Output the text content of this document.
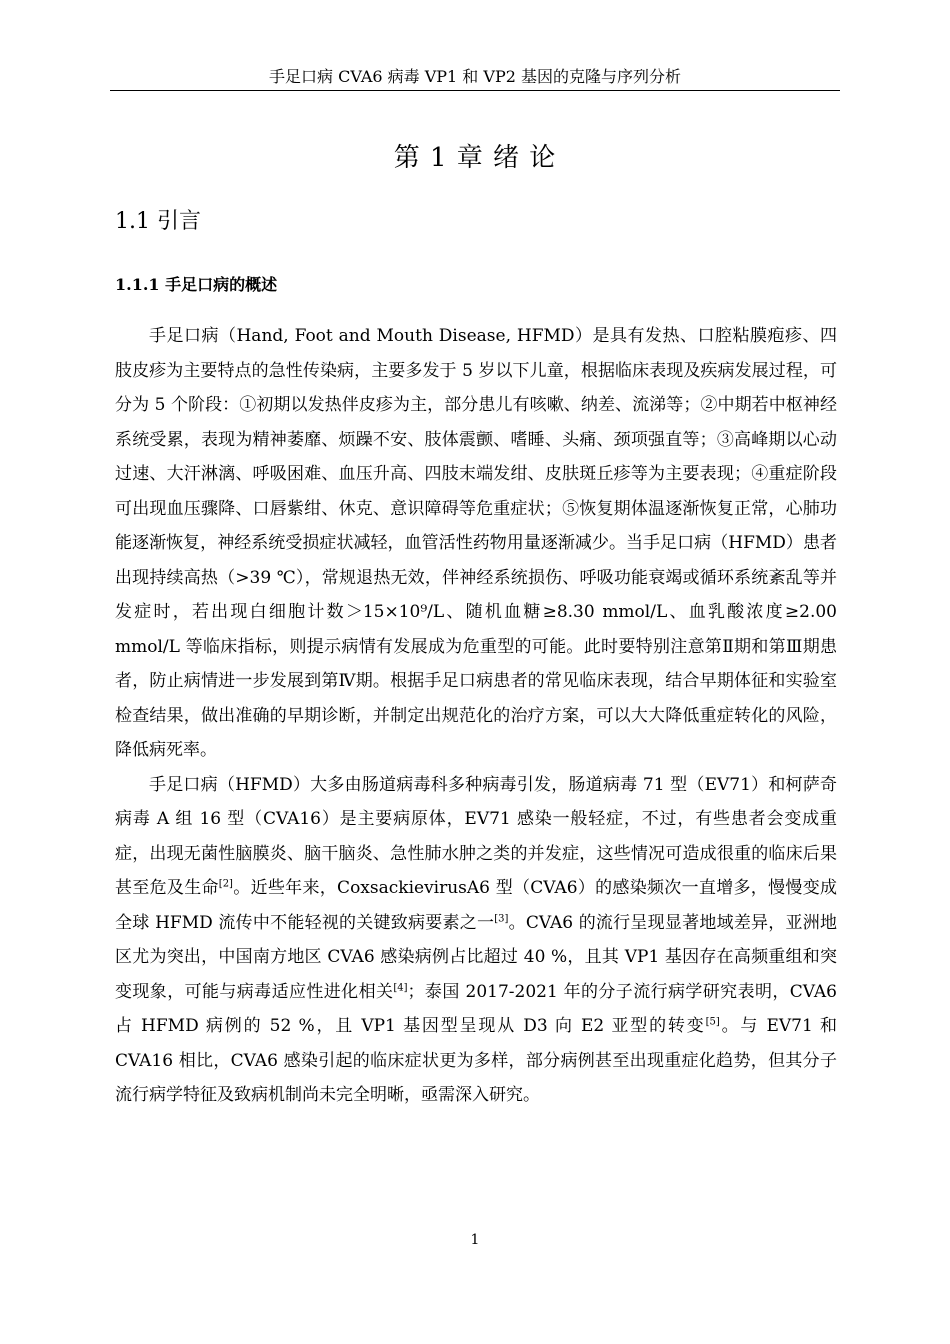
手足口病 CVA6 病毒 VP1 和 VP2 基因的克隆与序列分析
第 1 章 绪 论
1.1 引言
1.1.1 手足口病的概述

手足口病（Hand, Foot and Mouth Disease, HFMD）是具有发热、口腔粘膜疱疹、四肢皮疹为主要特点的急性传染病，主要多发于 5 岁以下儿童，根据临床表现及疾病发展过程，可分为 5 个阶段：①初期以发热伴皮疹为主，部分患儿有咳嗽、纳差、流涕等；②中期若中枢神经系统受累，表现为精神萎靡、烦躁不安、肢体震颤、嗜睡、头痛、颈项强直等；③高峰期以心动过速、大汗淋漓、呼吸困难、血压升高、四肢末端发绀、皮肤斑丘疹等为主要表现；④重症阶段可出现血压骤降、口唇紫绀、休克、意识障碍等危重症状；⑤恢复期体温逐渐恢复正常，心肺功能逐渐恢复，神经系统受损症状减轻，血管活性药物用量逐渐减少。当手足口病（HFMD）患者出现持续高热（>39 ℃），常规退热无效，伴神经系统损伤、呼吸功能衰竭或循环系统紊乱等并发症时，若出现白细胞计数＞15×10⁹/L、随机血糖≥8.30 mmol/L、血乳酸浓度≥2.00 mmol/L 等临床指标，则提示病情有发展成为危重型的可能。此时要特别注意第Ⅱ期和第Ⅲ期患者，防止病情进一步发展到第Ⅳ期。根据手足口病患者的常见临床表现，结合早期体征和实验室检查结果，做出准确的早期诊断，并制定出规范化的治疗方案，可以大大降低重症转化的风险，降低病死率。

手足口病（HFMD）大多由肠道病毒科多种病毒引发，肠道病毒 71 型（EV71）和柯萨奇病毒 A 组 16 型（CVA16）是主要病原体，EV71 感染一般轻症，不过，有些患者会变成重症，出现无菌性脑膜炎、脑干脑炎、急性肺水肿之类的并发症，这些情况可造成很重的临床后果甚至危及生命[2]。近些年来，CoxsackievirusA6 型（CVA6）的感染频次一直增多，慢慢变成全球 HFMD 流传中不能轻视的关键致病要素之一[3]。CVA6 的流行呈现显著地域差异，亚洲地区尤为突出，中国南方地区 CVA6 感染病例占比超过 40 %，且其 VP1 基因存在高频重组和突变现象，可能与病毒适应性进化相关[4]；泰国 2017-2021 年的分子流行病学研究表明，CVA6 占 HFMD 病例的 52 %，且 VP1 基因型呈现从 D3 向 E2 亚型的转变[5]。与 EV71 和 CVA16 相比，CVA6 感染引起的临床症状更为多样，部分病例甚至出现重症化趋势，但其分子流行病学特征及致病机制尚未完全明晰，亟需深入研究。

1
